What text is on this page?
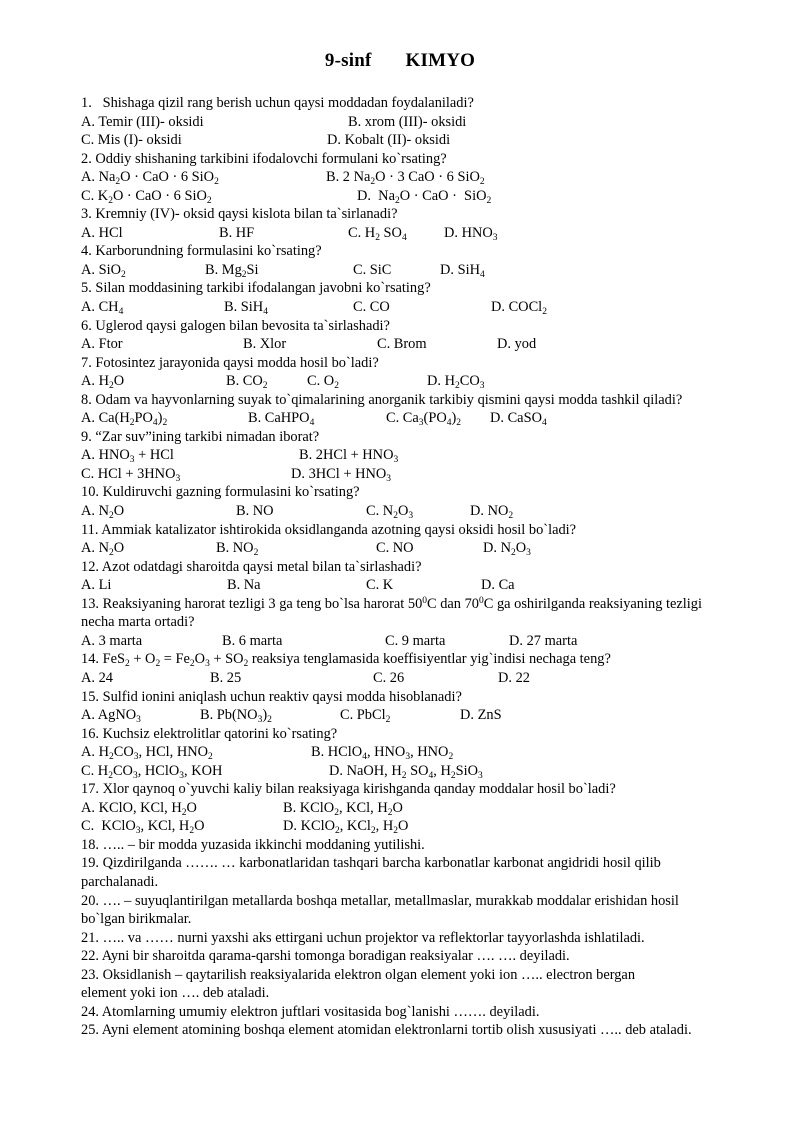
9-sinf KIMYO
1.   Shishaga qizil rang berish uchun qaysi moddadan foydalaniladi?
A. Temir (III)- oksidi	B. xrom (III)- oksidi
C. Mis (I)- oksidi	D. Kobalt (II)- oksidi
2. Oddiy shishaning tarkibini ifodalovchi formulani ko`rsating?
A. $Na_2O$ · CaO · 6 SiO$_2$	B. 2 $Na_2O \cdot 3$ CaO · 6 SiO$_2$
C. $K_2O$ · CaO · 6 SiO$_2$	D.  $Na_2O$ · CaO ·  SiO$_2$
3. Kremniy (IV)- oksid qaysi kislota bilan ta`sirlanadi?
A. HCl	B. HF	C. $H_2$ $SO_4$	D. $HNO_3$
4. Karborundning formulasini ko`rsating?
A. SiO$_2$	B. $Mg_2Si$	C. SiC	D. SiH$_4$
5. Silan moddasining tarkibi ifodalangan javobni ko`rsating?
A. $CH_4$	B. SiH$_4$	C. CO	D. COCl$_2$
6. Uglerod qaysi galogen bilan bevosita ta`sirlashadi?
A. Ftor	B. Xlor	C. Brom	D. yod
7. Fotosintez jarayonida qaysi modda hosil bo`ladi?
A. $H_2O$	B. $CO_2$	C. $O_2$	D. $H_2CO_3$
8. Odam va hayvonlarning suyak to`qimalarining anorganik tarkibiy qismini qaysi modda tashkil qiladi?
A. $Ca(H_2PO_4)_2$	B. CaHPO$_4$	C. $Ca_3(PO_4)_2$ D. CaSO$_4$
9. “Zar suv”ining tarkibi nimadan iborat?
A. $HNO_3$ + HCl	B. $2HCl + HNO_3$
C. HCl + $3HNO_3$	D. $3HCl + HNO_3$
10. Kuldiruvchi gazning formulasini ko`rsating?
A. $N_2O$	B. NO	C. $N_2O_3$	D. $NO_2$
11. Ammiak katalizator ishtirokida oksidlanganda azotning qaysi oksidi hosil bo`ladi?
A. $N_2O$	B. $NO_2$	C. NO	D. $N_2O_3$
12. Azot odatdagi sharoitda qaysi metal bilan ta`sirlashadi?
A. Li	B. Na	C. K	D. Ca
13. Reaksiyaning harorat tezligi 3 ga teng bo`lsa harorat $50^0C$ dan $70^0C$ ga oshirilganda reaksiyaning tezligi
necha marta ortadi?
A. 3 marta	B. 6 marta	C. 9 marta	D. 27 marta
14. $FeS_2 + O_2 = Fe_2O_3 + SO_2$ reaksiya tenglamasida koeffisiyentlar yig`indisi nechaga teng?
A. 24	B. 25	C. 26	D. 22
15. Sulfid ionini aniqlash uchun reaktiv qaysi modda hisoblanadi?
A. AgNO$_3$	B. $Pb(NO_3)_2$	C. PbCl$_2$	D. ZnS
16. Kuchsiz elektrolitlar qatorini ko`rsating?
A. $H_2CO_3$, HCl, $HNO_2$	B. HClO$_4$, $HNO_3$, $HNO_2$
C. $H_2CO_3$, HClO$_3$, KOH	D. NaOH, $H_2$ $SO_4$, $H_2SiO_3$
17. Xlor qaynoq o`yuvchi kaliy bilan reaksiyaga kirishganda qanday moddalar hosil bo`ladi?
A. KClO, KCl, $H_2O$	B. KClO$_2$, KCl, $H_2O$
C.  KClO$_3$, KCl, $H_2O$	D. KClO$_2$, KCl$_2$, $H_2O$
18. ….. – bir modda yuzasida ikkinchi moddaning yutilishi.
19. Qizdirilganda ……. … karbonatlaridan tashqari barcha karbonatlar karbonat angidridi hosil qilib
parchalanadi.
20. …. – suyuqlantirilgan metallarda boshqa metallar, metallmaslar, murakkab moddalar erishidan hosil
bo`lgan birikmalar.
21. ….. va …… nurni yaxshi aks ettirgani uchun projektor va reflektorlar tayyorlashda ishlatiladi.
22. Ayni bir sharoitda qarama-qarshi tomonga boradigan reaksiyalar …. …. deyiladi.
23. Oksidlanish – qaytarilish reaksiyalarida elektron olgan element yoki ion ….. electron bergan
element yoki ion …. deb ataladi.
24. Atomlarning umumiy elektron juftlari vositasida bog`lanishi ……. deyiladi.
25. Ayni element atomining boshqa element atomidan elektronlarni tortib olish xususiyati ….. deb ataladi.
